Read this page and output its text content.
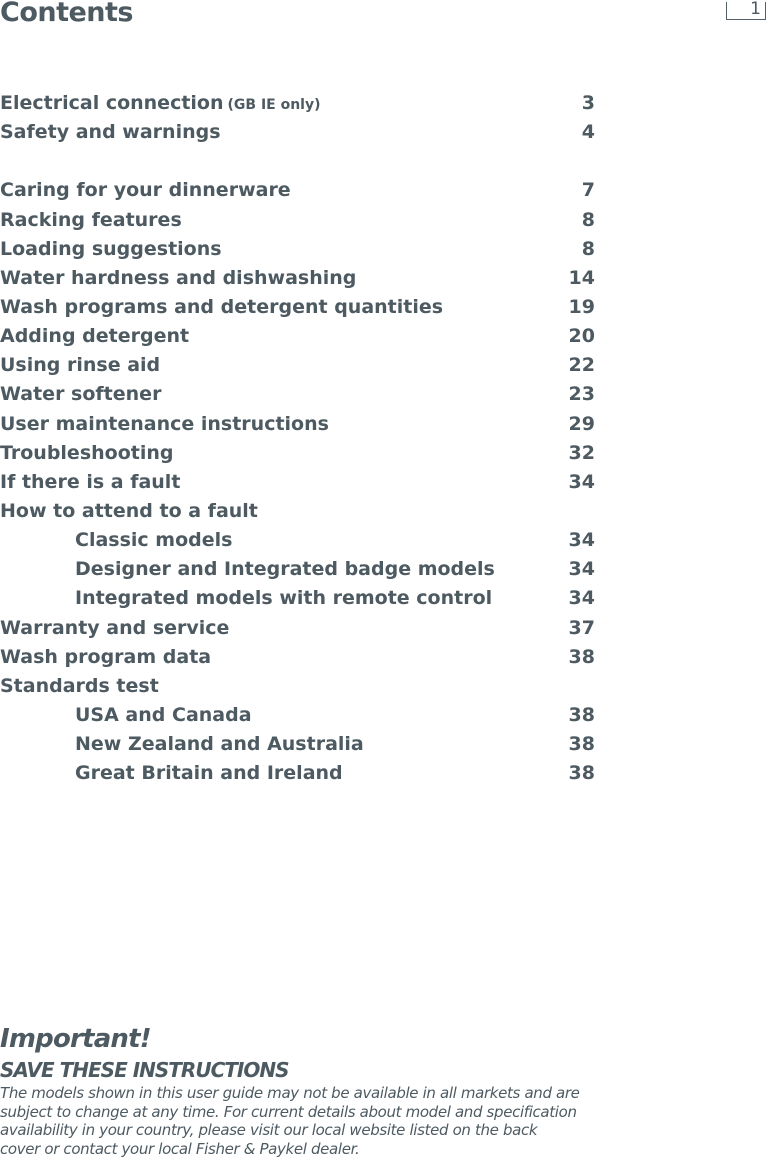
Contents	1
Electrical connection (GB IE only)	3
Safety and warnings	4
Caring for your dinnerware	7
Racking features	8
Loading suggestions	8
Water hardness and dishwashing	14
Wash programs and detergent quantities	19
Adding detergent	20
Using rinse aid	22
Water softener	23
User maintenance instructions	29
Troubleshooting	32
If there is a fault	34
How to attend to a fault
Classic models	34
Designer and Integrated badge models	34
Integrated models with remote control	34
Warranty and service	37
Wash program data	38
Standards test
USA and Canada	38
New Zealand and Australia	38
Great Britain and Ireland	38
Important!
SAVE THESE INSTRUCTIONS
The models shown in this user guide may not be available in all markets and are subject to change at any time. For current details about model and specification availability in your country, please visit our local website listed on the back cover or contact your local Fisher & Paykel dealer.
